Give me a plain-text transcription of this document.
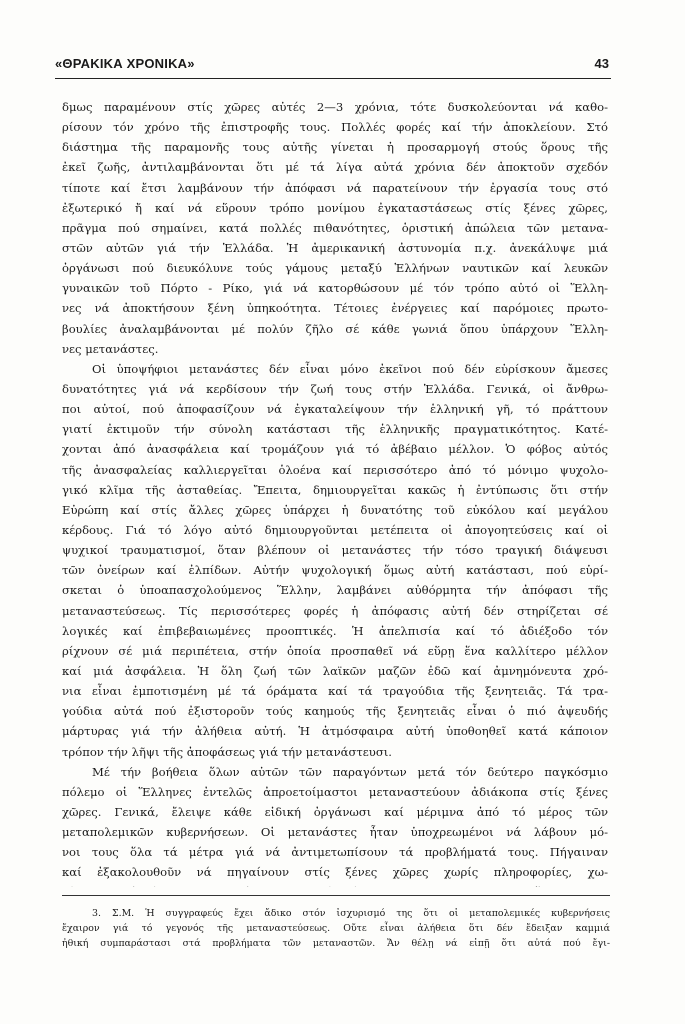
«ΘΡΑΚΙΚΑ ΧΡΟΝΙΚΑ»	43
δμως παραμένουν στίς χῶρες αὐτές 2—3 χρόνια, τότε δυσκολεύονται νά καθο-
ρίσουν τόν χρόνο τῆς ἐπιστροφῆς τους. Πολλές φορές καί τήν ἀποκλείουν. Στό
διάστημα τῆς παραμονῆς τους αὐτῆς γίνεται ἡ προσαρμογή στούς ὅρους τῆς
ἐκεῖ ζωῆς, ἀντιλαμβάνονται ὅτι μέ τά λίγα αὐτά χρόνια δέν ἀποκτοῦν σχεδόν
τίποτε καί ἔτσι λαμβάνουν τήν ἀπόφασι νά παρατείνουν τήν ἐργασία τους στό
ἐξωτερικό ἤ καί νά εὕρουν τρόπο μονίμου ἐγκαταστάσεως στίς ξένες χῶρες,
πρᾶγμα πού σημαίνει, κατά πολλές πιθανότητες, ὁριστική ἀπώλεια τῶν μετανα-
στῶν αὐτῶν γιά τήν Ἑλλάδα. Ἡ ἀμερικανική ἀστυνομία π.χ. ἀνεκάλυψε μιά
ὀργάνωσι πού διευκόλυνε τούς γάμους μεταξύ Ἑλλήνων ναυτικῶν καί λευκῶν
γυναικῶν τοῦ Πόρτο - Ρίκο, γιά νά κατορθώσουν μέ τόν τρόπο αὐτό οἱ Ἕλλη-
νες νά ἀποκτήσουν ξένη ὑπηκοότητα. Τέτοιες ἐνέργειες καί παρόμοιες πρωτο-
βουλίες ἀναλαμβάνονται μέ πολύν ζῆλο σέ κάθε γωνιά ὅπου ὑπάρχουν Ἕλλη-
νες μετανάστες.
Οἱ ὑποψήφιοι μετανάστες δέν εἶναι μόνο ἐκεῖνοι πού δέν εὑρίσκουν ἄμεσες
δυνατότητες γιά νά κερδίσουν τήν ζωή τους στήν Ἑλλάδα. Γενικά, οἱ ἄνθρω-
ποι αὐτοί, πού ἀποφασίζουν νά ἐγκαταλείψουν τήν ἑλληνική γῆ, τό πράττουν
γιατί ἐκτιμοῦν τήν σύνολη κατάστασι τῆς ἑλληνικῆς πραγματικότητος. Κατέ-
χονται ἀπό ἀνασφάλεια καί τρομάζουν γιά τό ἀβέβαιο μέλλον. Ὁ φόβος αὐτός
τῆς ἀνασφαλείας καλλιεργεῖται ὁλοένα καί περισσότερο ἀπό τό μόνιμο ψυχολο-
γικό κλῖμα τῆς ἀσταθείας. Ἔπειτα, δημιουργεῖται κακῶς ἡ ἐντύπωσις ὅτι στήν
Εὐρώπη καί στίς ἄλλες χῶρες ὑπάρχει ἡ δυνατότης τοῦ εὐκόλου καί μεγάλου
κέρδους. Γιά τό λόγο αὐτό δημιουργοῦνται μετέπειτα οἱ ἀπογοητεύσεις καί οἱ
ψυχικοί τραυματισμοί, ὅταν βλέπουν οἱ μετανάστες τήν τόσο τραγική διάψευσι
τῶν ὀνείρων καί ἐλπίδων. Αὐτήν ψυχολογική ὅμως αὐτή κατάστασι, πού εὑρί-
σκεται ὁ ὑποαπασχολούμενος Ἕλλην, λαμβάνει αὐθόρμητα τήν ἀπόφασι τῆς
μεταναστεύσεως. Τίς περισσότερες φορές ἡ ἀπόφασις αὐτή δέν στηρίζεται σέ
λογικές καί ἐπιβεβαιωμένες προοπτικές. Ἡ ἀπελπισία καί τό ἀδιέξοδο τόν
ρίχνουν σέ μιά περιπέτεια, στήν ὁποία προσπαθεῖ νά εὕρῃ ἕνα καλλίτερο μέλλον
καί μιά ἀσφάλεια. Ἡ ὅλη ζωή τῶν λαϊκῶν μαζῶν ἐδῶ καί ἀμνημόνευτα χρό-
νια εἶναι ἐμποτισμένη μέ τά όράματα καί τά τραγούδια τῆς ξενητειᾶς. Τά τρα-
γούδια αὐτά πού ἐξιστοροῦν τούς καημούς τῆς ξενητειᾶς εἶναι ὁ πιό ἀψευδής
μάρτυρας γιά τήν ἀλήθεια αὐτή. Ἡ ἀτμόσφαιρα αὐτή ὑποθοηθεῖ κατά κάποιον
τρόπον τήν λῆψι τῆς ἀποφάσεως γιά τήν μετανάστευσι.
Μέ τήν βοήθεια ὅλων αὐτῶν τῶν παραγόντων μετά τόν δεύτερο παγκόσμιο
πόλεμο οἱ Ἕλληνες ἐντελῶς ἀπροετοίμαστοι μεταναστεύουν ἀδιάκοπα στίς ξένες
χῶρες. Γενικά, ἔλειψε κάθε εἰδική ὀργάνωσι καί μέριμνα ἀπό τό μέρος τῶν
μεταπολεμικῶν κυβερνήσεων. Οἱ μετανάστες ἦταν ὑποχρεωμένοι νά λάβουν μό-
νοι τους ὅλα τά μέτρα γιά νά ἀντιμετωπίσουν τά προβλήματά τους. Πήγαιναν
καί ἐξακολουθοῦν νά πηγαίνουν στίς ξένες χῶρες χωρίς πληροφορίες, χω-
3. Σ.Μ. Ἡ συγγραφεύς ἔχει ἄδικο στόν ἰσχυρισμό της ὅτι οἱ μεταπολεμικές κυβερνήσεις
ἔχαιρον γιά τό γεγονός τῆς μεταναστεύσεως. Οὔτε εἶναι ἀλήθεια ὅτι δέν ἔδειξαν καμμιά
ἠθική συμπαράστασι στά προβλήματα τῶν μεταναστῶν. Ἄν θέλῃ νά εἰπῇ ὅτι αὐτά πού ἔγι-
